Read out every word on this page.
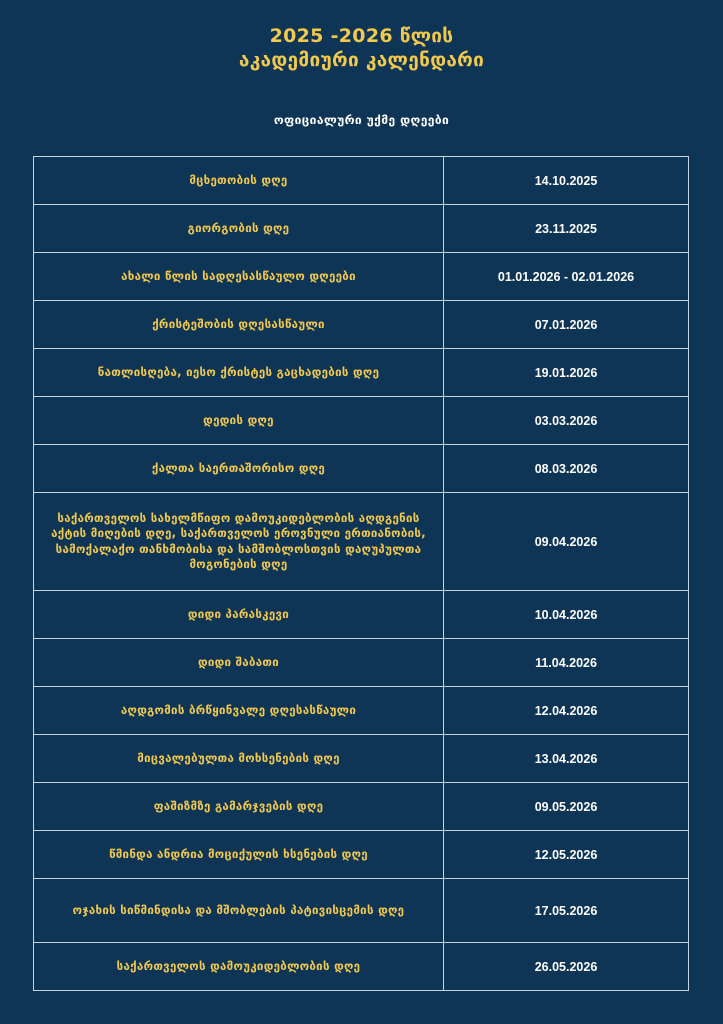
2025 -2026 წლის
აკადემიური კალენდარი
ოფიციალური უქმე დღეები
მცხეთობის დღე	14.10.2025
გიორგობის დღე	23.11.2025
ახალი წლის სადღესასწაულო დღეები	01.01.2026 - 02.01.2026
ქრისტეშობის დღესასწაული	07.01.2026
ნათლისღება, იესო ქრისტეს გაცხადების დღე	19.01.2026
დედის დღე	03.03.2026
ქალთა საერთაშორისო დღე	08.03.2026
საქართველოს სახელმწიფო დამოუკიდებლობის აღდგენის აქტის მიღების დღე, საქართველოს ეროვნული ერთიანობის, სამოქალაქო თანხმობისა და სამშობლოსთვის დაღუპულთა მოგონების დღე	09.04.2026
დიდი პარასკევი	10.04.2026
დიდი შაბათი	11.04.2026
აღდგომის ბრწყინვალე დღესასწაული	12.04.2026
მიცვალებულთა მოხსენების დღე	13.04.2026
ფაშიზმზე გამარჯვების დღე	09.05.2026
წმინდა ანდრია მოციქულის ხსენების დღე	12.05.2026
ოჯახის სიწმინდისა და მშობლების პატივისცემის დღე	17.05.2026
საქართველოს დამოუკიდებლობის დღე	26.05.2026
